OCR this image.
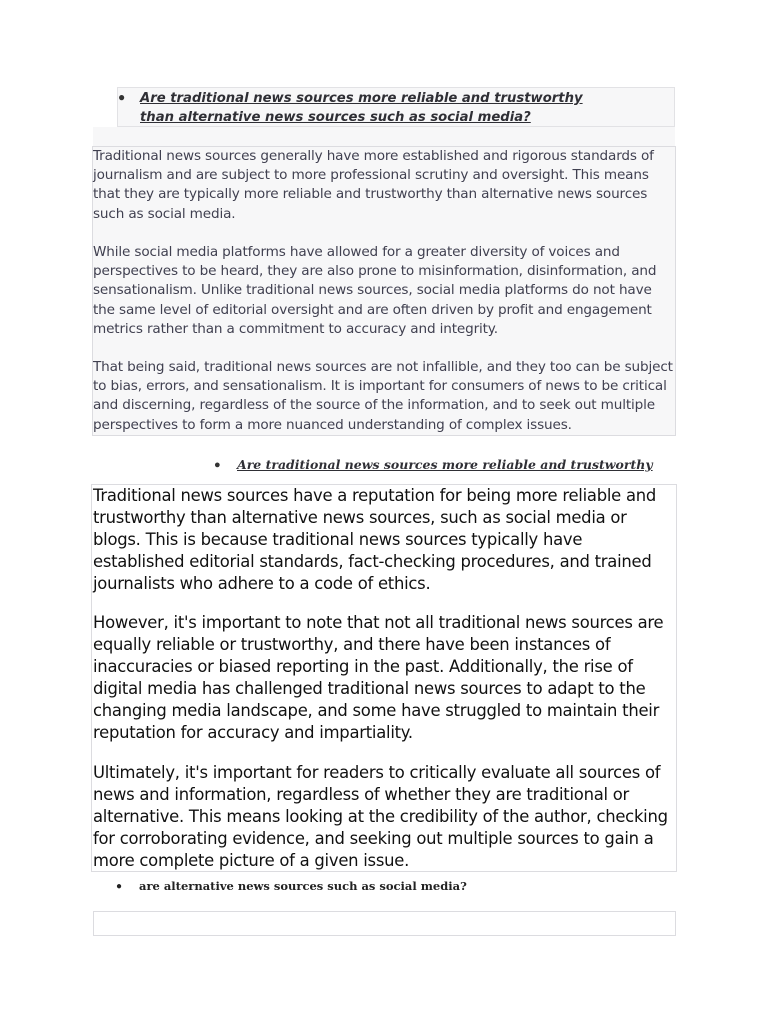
● Are traditional news sources more reliable and trustworthy than alternative news sources such as social media?

Traditional news sources generally have more established and rigorous standards of journalism and are subject to more professional scrutiny and oversight. This means that they are typically more reliable and trustworthy than alternative news sources such as social media.

While social media platforms have allowed for a greater diversity of voices and perspectives to be heard, they are also prone to misinformation, disinformation, and sensationalism. Unlike traditional news sources, social media platforms do not have the same level of editorial oversight and are often driven by profit and engagement metrics rather than a commitment to accuracy and integrity.

That being said, traditional news sources are not infallible, and they too can be subject to bias, errors, and sensationalism. It is important for consumers of news to be critical and discerning, regardless of the source of the information, and to seek out multiple perspectives to form a more nuanced understanding of complex issues.

● Are traditional news sources more reliable and trustworthy

Traditional news sources have a reputation for being more reliable and trustworthy than alternative news sources, such as social media or blogs. This is because traditional news sources typically have established editorial standards, fact-checking procedures, and trained journalists who adhere to a code of ethics.

However, it's important to note that not all traditional news sources are equally reliable or trustworthy, and there have been instances of inaccuracies or biased reporting in the past. Additionally, the rise of digital media has challenged traditional news sources to adapt to the changing media landscape, and some have struggled to maintain their reputation for accuracy and impartiality.

Ultimately, it's important for readers to critically evaluate all sources of news and information, regardless of whether they are traditional or alternative. This means looking at the credibility of the author, checking for corroborating evidence, and seeking out multiple sources to gain a more complete picture of a given issue.

● are alternative news sources such as social media?
